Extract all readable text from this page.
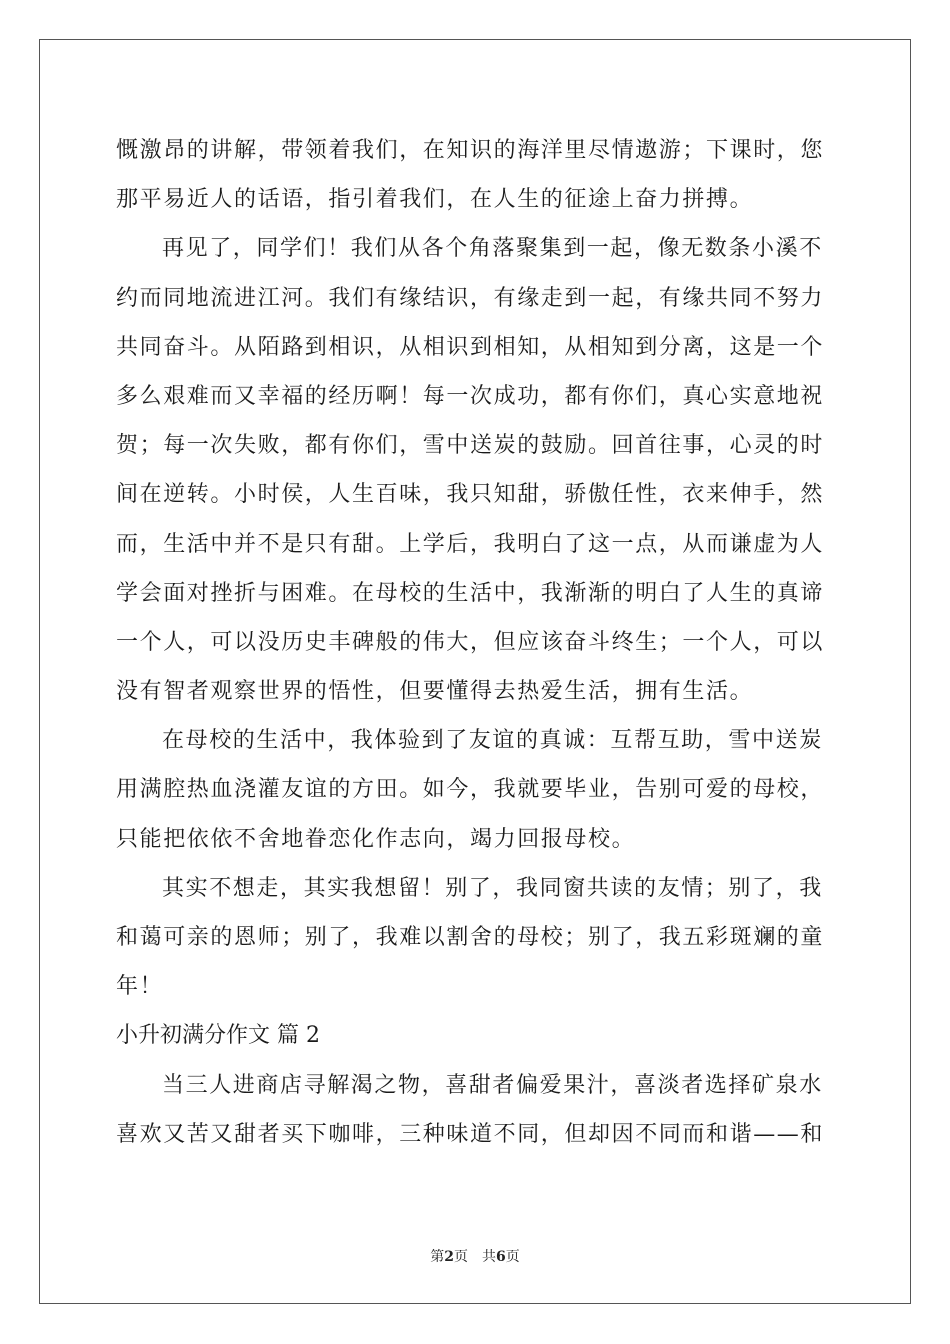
慨激昂的讲解，带领着我们，在知识的海洋里尽情遨游；下课时，您
那平易近人的话语，指引着我们，在人生的征途上奋力拼搏。
再见了，同学们！我们从各个角落聚集到一起，像无数条小溪不
约而同地流进江河。我们有缘结识，有缘走到一起，有缘共同不努力
共同奋斗。从陌路到相识，从相识到相知，从相知到分离，这是一个
多么艰难而又幸福的经历啊！每一次成功，都有你们，真心实意地祝
贺；每一次失败，都有你们，雪中送炭的鼓励。回首往事，心灵的时
间在逆转。小时侯，人生百味，我只知甜，骄傲任性，衣来伸手，然
而，生活中并不是只有甜。上学后，我明白了这一点，从而谦虚为人
学会面对挫折与困难。在母校的生活中，我渐渐的明白了人生的真谛
一个人，可以没历史丰碑般的伟大，但应该奋斗终生；一个人，可以
没有智者观察世界的悟性，但要懂得去热爱生活，拥有生活。
在母校的生活中，我体验到了友谊的真诚：互帮互助，雪中送炭
用满腔热血浇灌友谊的方田。如今，我就要毕业，告别可爱的母校，
只能把依依不舍地眷恋化作志向，竭力回报母校。
其实不想走，其实我想留！别了，我同窗共读的友情；别了，我
和蔼可亲的恩师；别了，我难以割舍的母校；别了，我五彩斑斓的童
年！
小升初满分作文 篇 2
当三人进商店寻解渴之物，喜甜者偏爱果汁，喜淡者选择矿泉水
喜欢又苦又甜者买下咖啡，三种味道不同，但却因不同而和谐——和
第2页　共6页
